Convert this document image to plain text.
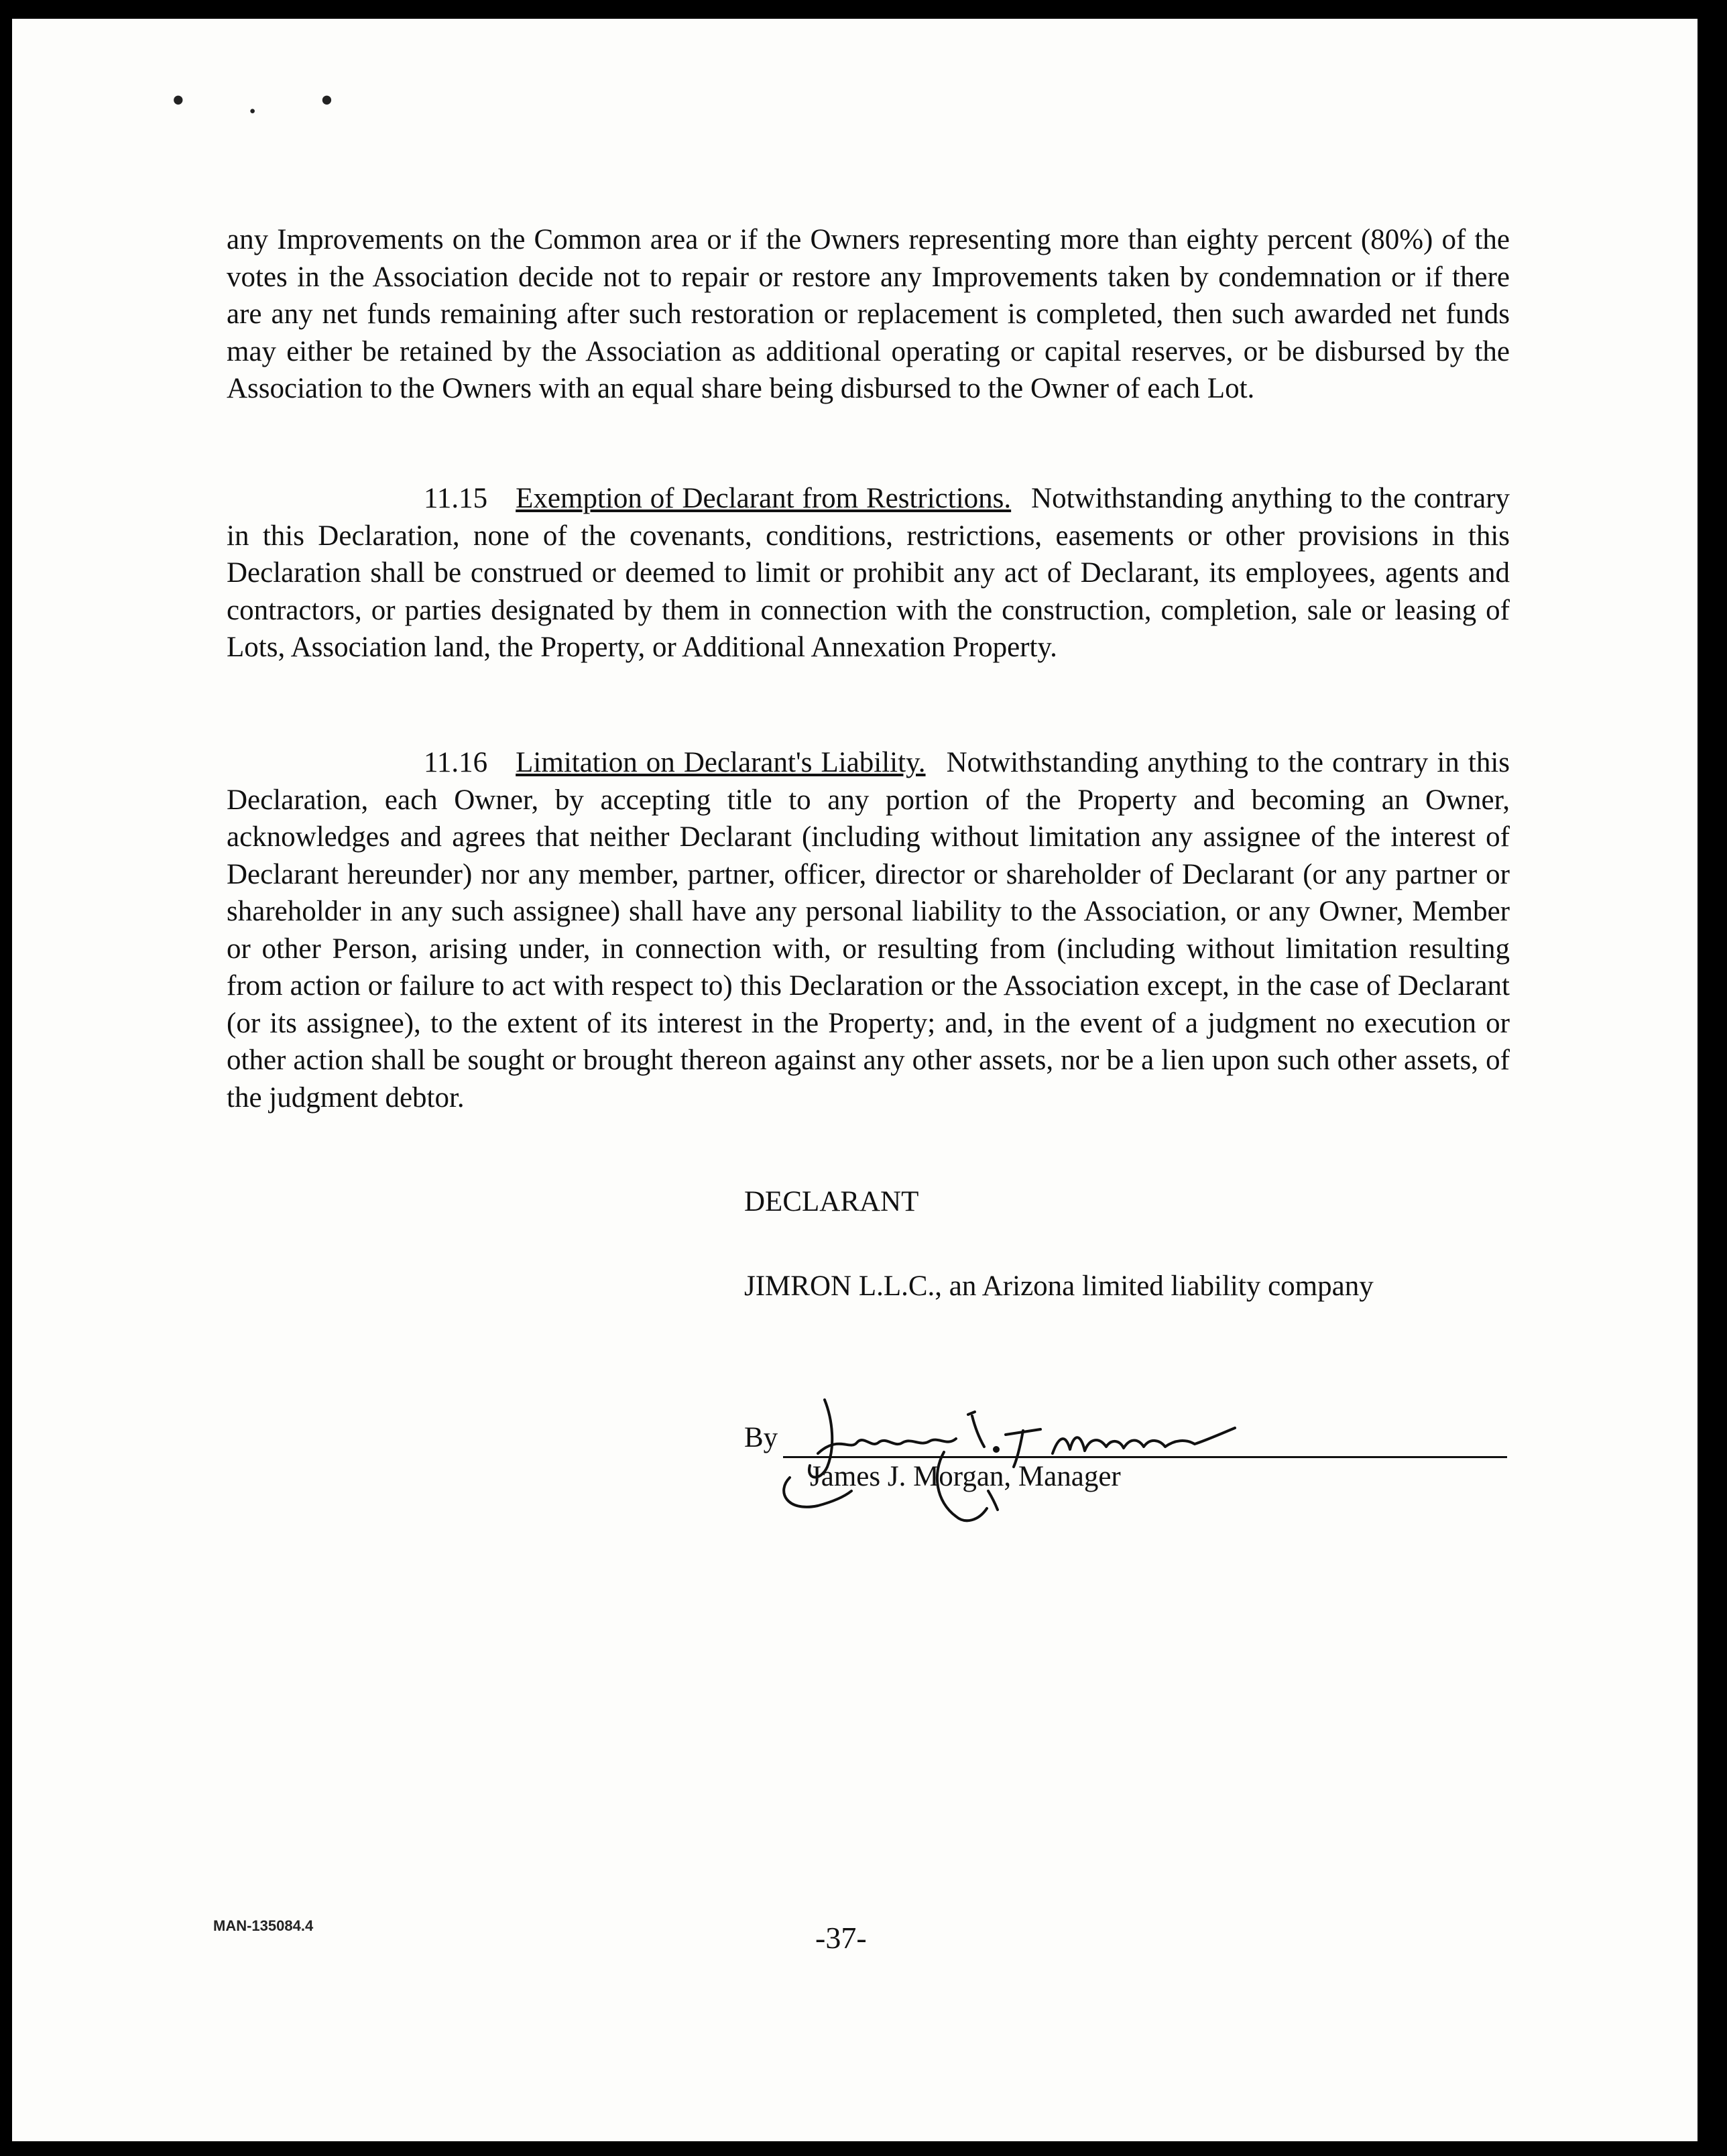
• . •

any Improvements on the Common area or if the Owners representing more than eighty percent (80%) of the votes in the Association decide not to repair or restore any Improvements taken by condemnation or if there are any net funds remaining after such restoration or replacement is completed, then such awarded net funds may either be retained by the Association as additional operating or capital reserves, or be disbursed by the Association to the Owners with an equal share being disbursed to the Owner of each Lot.

11.15 Exemption of Declarant from Restrictions. Notwithstanding anything to the contrary in this Declaration, none of the covenants, conditions, restrictions, easements or other provisions in this Declaration shall be construed or deemed to limit or prohibit any act of Declarant, its employees, agents and contractors, or parties designated by them in connection with the construction, completion, sale or leasing of Lots, Association land, the Property, or Additional Annexation Property.

11.16 Limitation on Declarant's Liability. Notwithstanding anything to the contrary in this Declaration, each Owner, by accepting title to any portion of the Property and becoming an Owner, acknowledges and agrees that neither Declarant (including without limitation any assignee of the interest of Declarant hereunder) nor any member, partner, officer, director or shareholder of Declarant (or any partner or shareholder in any such assignee) shall have any personal liability to the Association, or any Owner, Member or other Person, arising under, in connection with, or resulting from (including without limitation resulting from action or failure to act with respect to) this Declaration or the Association except, in the case of Declarant (or its assignee), to the extent of its interest in the Property; and, in the event of a judgment no execution or other action shall be sought or brought thereon against any other assets, nor be a lien upon such other assets, of the judgment debtor.

DECLARANT
JIMRON L.L.C., an Arizona limited liability company
By
James J. Morgan, Manager
MAN-135084.4	-37-
